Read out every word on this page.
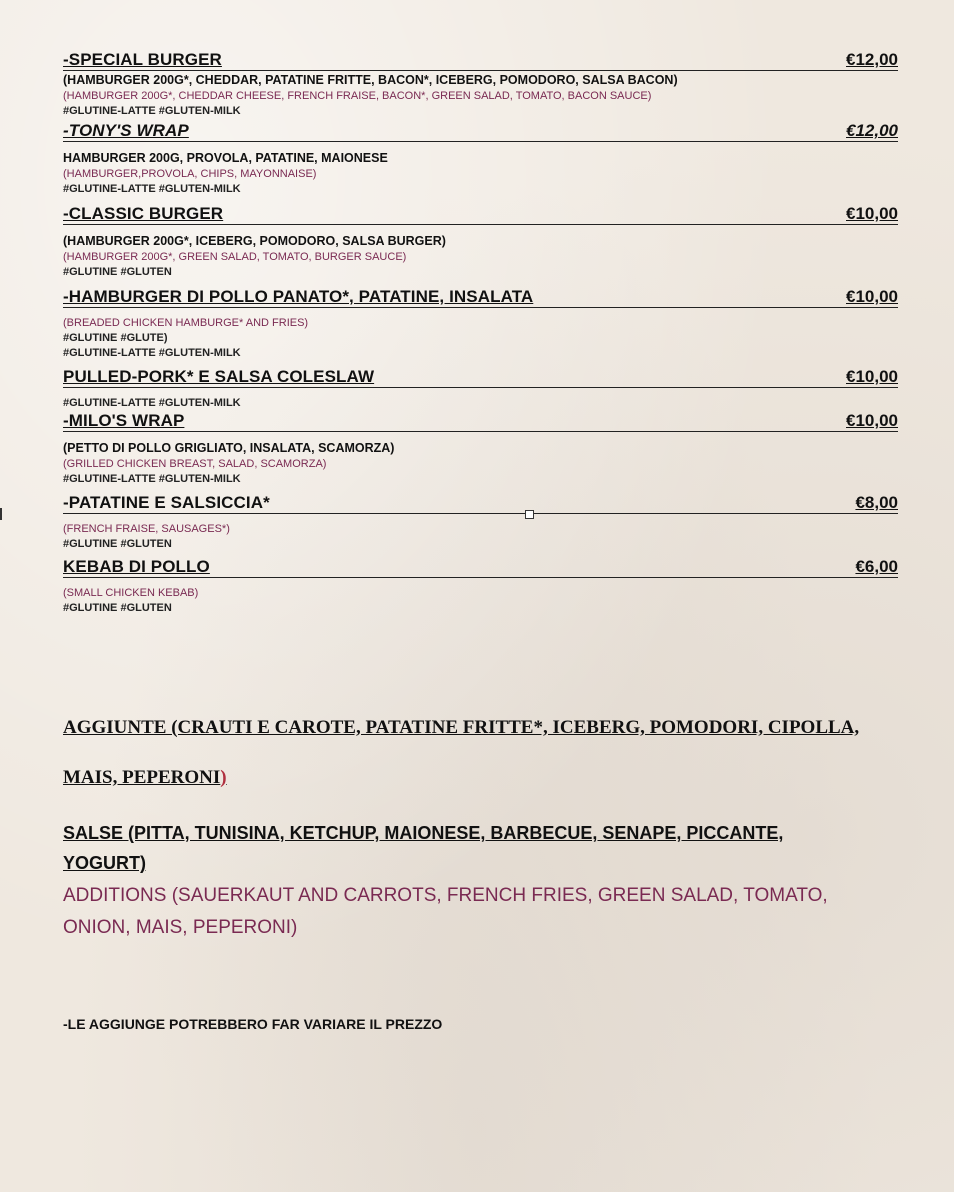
-SPECIAL BURGER	€12,00
(HAMBURGER 200G*, CHEDDAR, PATATINE FRITTE, BACON*, ICEBERG, POMODORO, SALSA BACON)
(HAMBURGER 200G*, CHEDDAR CHEESE, FRENCH FRAISE, BACON*, GREEN SALAD, TOMATO, BACON SAUCE)
#GLUTINE-LATTE #GLUTEN-MILK
-TONY'S WRAP	€12,00
HAMBURGER 200G, PROVOLA, PATATINE, MAIONESE
(HAMBURGER,PROVOLA, CHIPS, MAYONNAISE)
#GLUTINE-LATTE #GLUTEN-MILK
-CLASSIC BURGER	€10,00
(HAMBURGER 200G*, ICEBERG, POMODORO, SALSA BURGER)
(HAMBURGER 200G*, GREEN SALAD, TOMATO, BURGER SAUCE)
#GLUTINE #GLUTEN
-HAMBURGER DI POLLO PANATO*, PATATINE, INSALATA	€10,00
(BREADED CHICKEN HAMBURGE* AND FRIES)
#GLUTINE #GLUTE)
#GLUTINE-LATTE #GLUTEN-MILK
PULLED-PORK* E SALSA COLESLAW	€10,00
#GLUTINE-LATTE #GLUTEN-MILK
-MILO'S WRAP	€10,00
(PETTO DI POLLO GRIGLIATO, INSALATA, SCAMORZA)
(GRILLED CHICKEN BREAST, SALAD, SCAMORZA)
#GLUTINE-LATTE #GLUTEN-MILK
-PATATINE E SALSICCIA*	€8,00
(FRENCH FRAISE, SAUSAGES*)
#GLUTINE #GLUTEN
KEBAB DI POLLO	€6,00
(SMALL CHICKEN KEBAB)
#GLUTINE #GLUTEN
AGGIUNTE (CRAUTI E CAROTE, PATATINE FRITTE*, ICEBERG, POMODORI, CIPOLLA,
MAIS, PEPERONI)
SALSE (PITTA, TUNISINA, KETCHUP, MAIONESE, BARBECUE, SENAPE, PICCANTE, YOGURT)
ADDITIONS (SAUERKAUT AND CARROTS, FRENCH FRIES, GREEN SALAD, TOMATO, ONION, MAIS, PEPERONI)
-LE AGGIUNGE POTREBBERO FAR VARIARE IL PREZZO
